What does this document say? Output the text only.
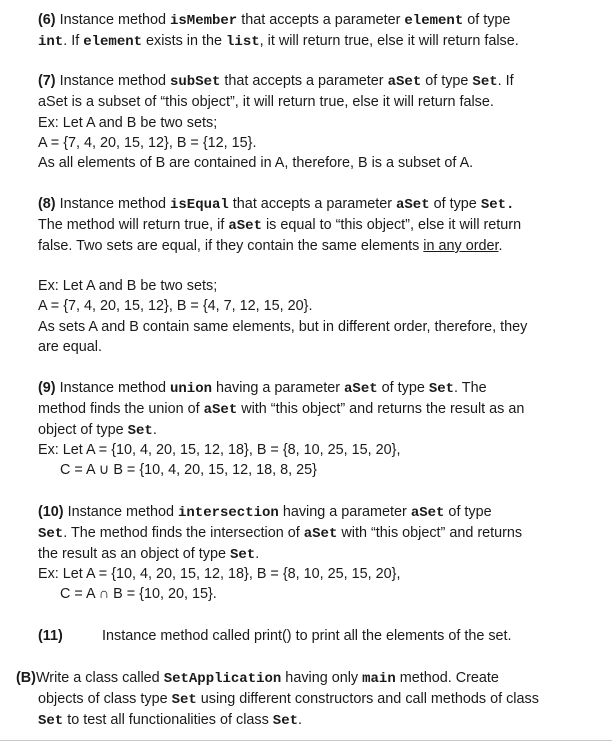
(6) Instance method isMember that accepts a parameter element of type
int. If element exists in the list, it will return true, else it will return false.
(7) Instance method subSet that accepts a parameter aSet of type Set. If
aSet is a subset of “this object”, it will return true, else it will return false.
Ex: Let A and B be two sets;
A = {7, 4, 20, 15, 12}, B = {12, 15}.
As all elements of B are contained in A, therefore, B is a subset of A.
(8) Instance method isEqual that accepts a parameter aSet of type Set.
The method will return true, if aSet is equal to “this object”, else it will return
false. Two sets are equal, if they contain the same elements in any order.
Ex: Let A and B be two sets;
A = {7, 4, 20, 15, 12}, B = {4, 7, 12, 15, 20}.
As sets A and B contain same elements, but in different order, therefore, they
are equal.
(9) Instance method union having a parameter aSet of type Set. The
method finds the union of aSet with “this object” and returns the result as an
object of type Set.
Ex: Let A = {10, 4, 20, 15, 12, 18}, B = {8, 10, 25, 15, 20},
C = A ∪ B = {10, 4, 20, 15, 12, 18, 8, 25}
(10) Instance method intersection having a parameter aSet of type
Set. The method finds the intersection of aSet with “this object” and returns
the result as an object of type Set.
Ex: Let A = {10, 4, 20, 15, 12, 18}, B = {8, 10, 25, 15, 20},
C = A ∩ B = {10, 20, 15}.
(11)	Instance method called print() to print all the elements of the set.
(B)Write a class called SetApplication having only main method. Create
objects of class type Set using different constructors and call methods of class
Set to test all functionalities of class Set.
